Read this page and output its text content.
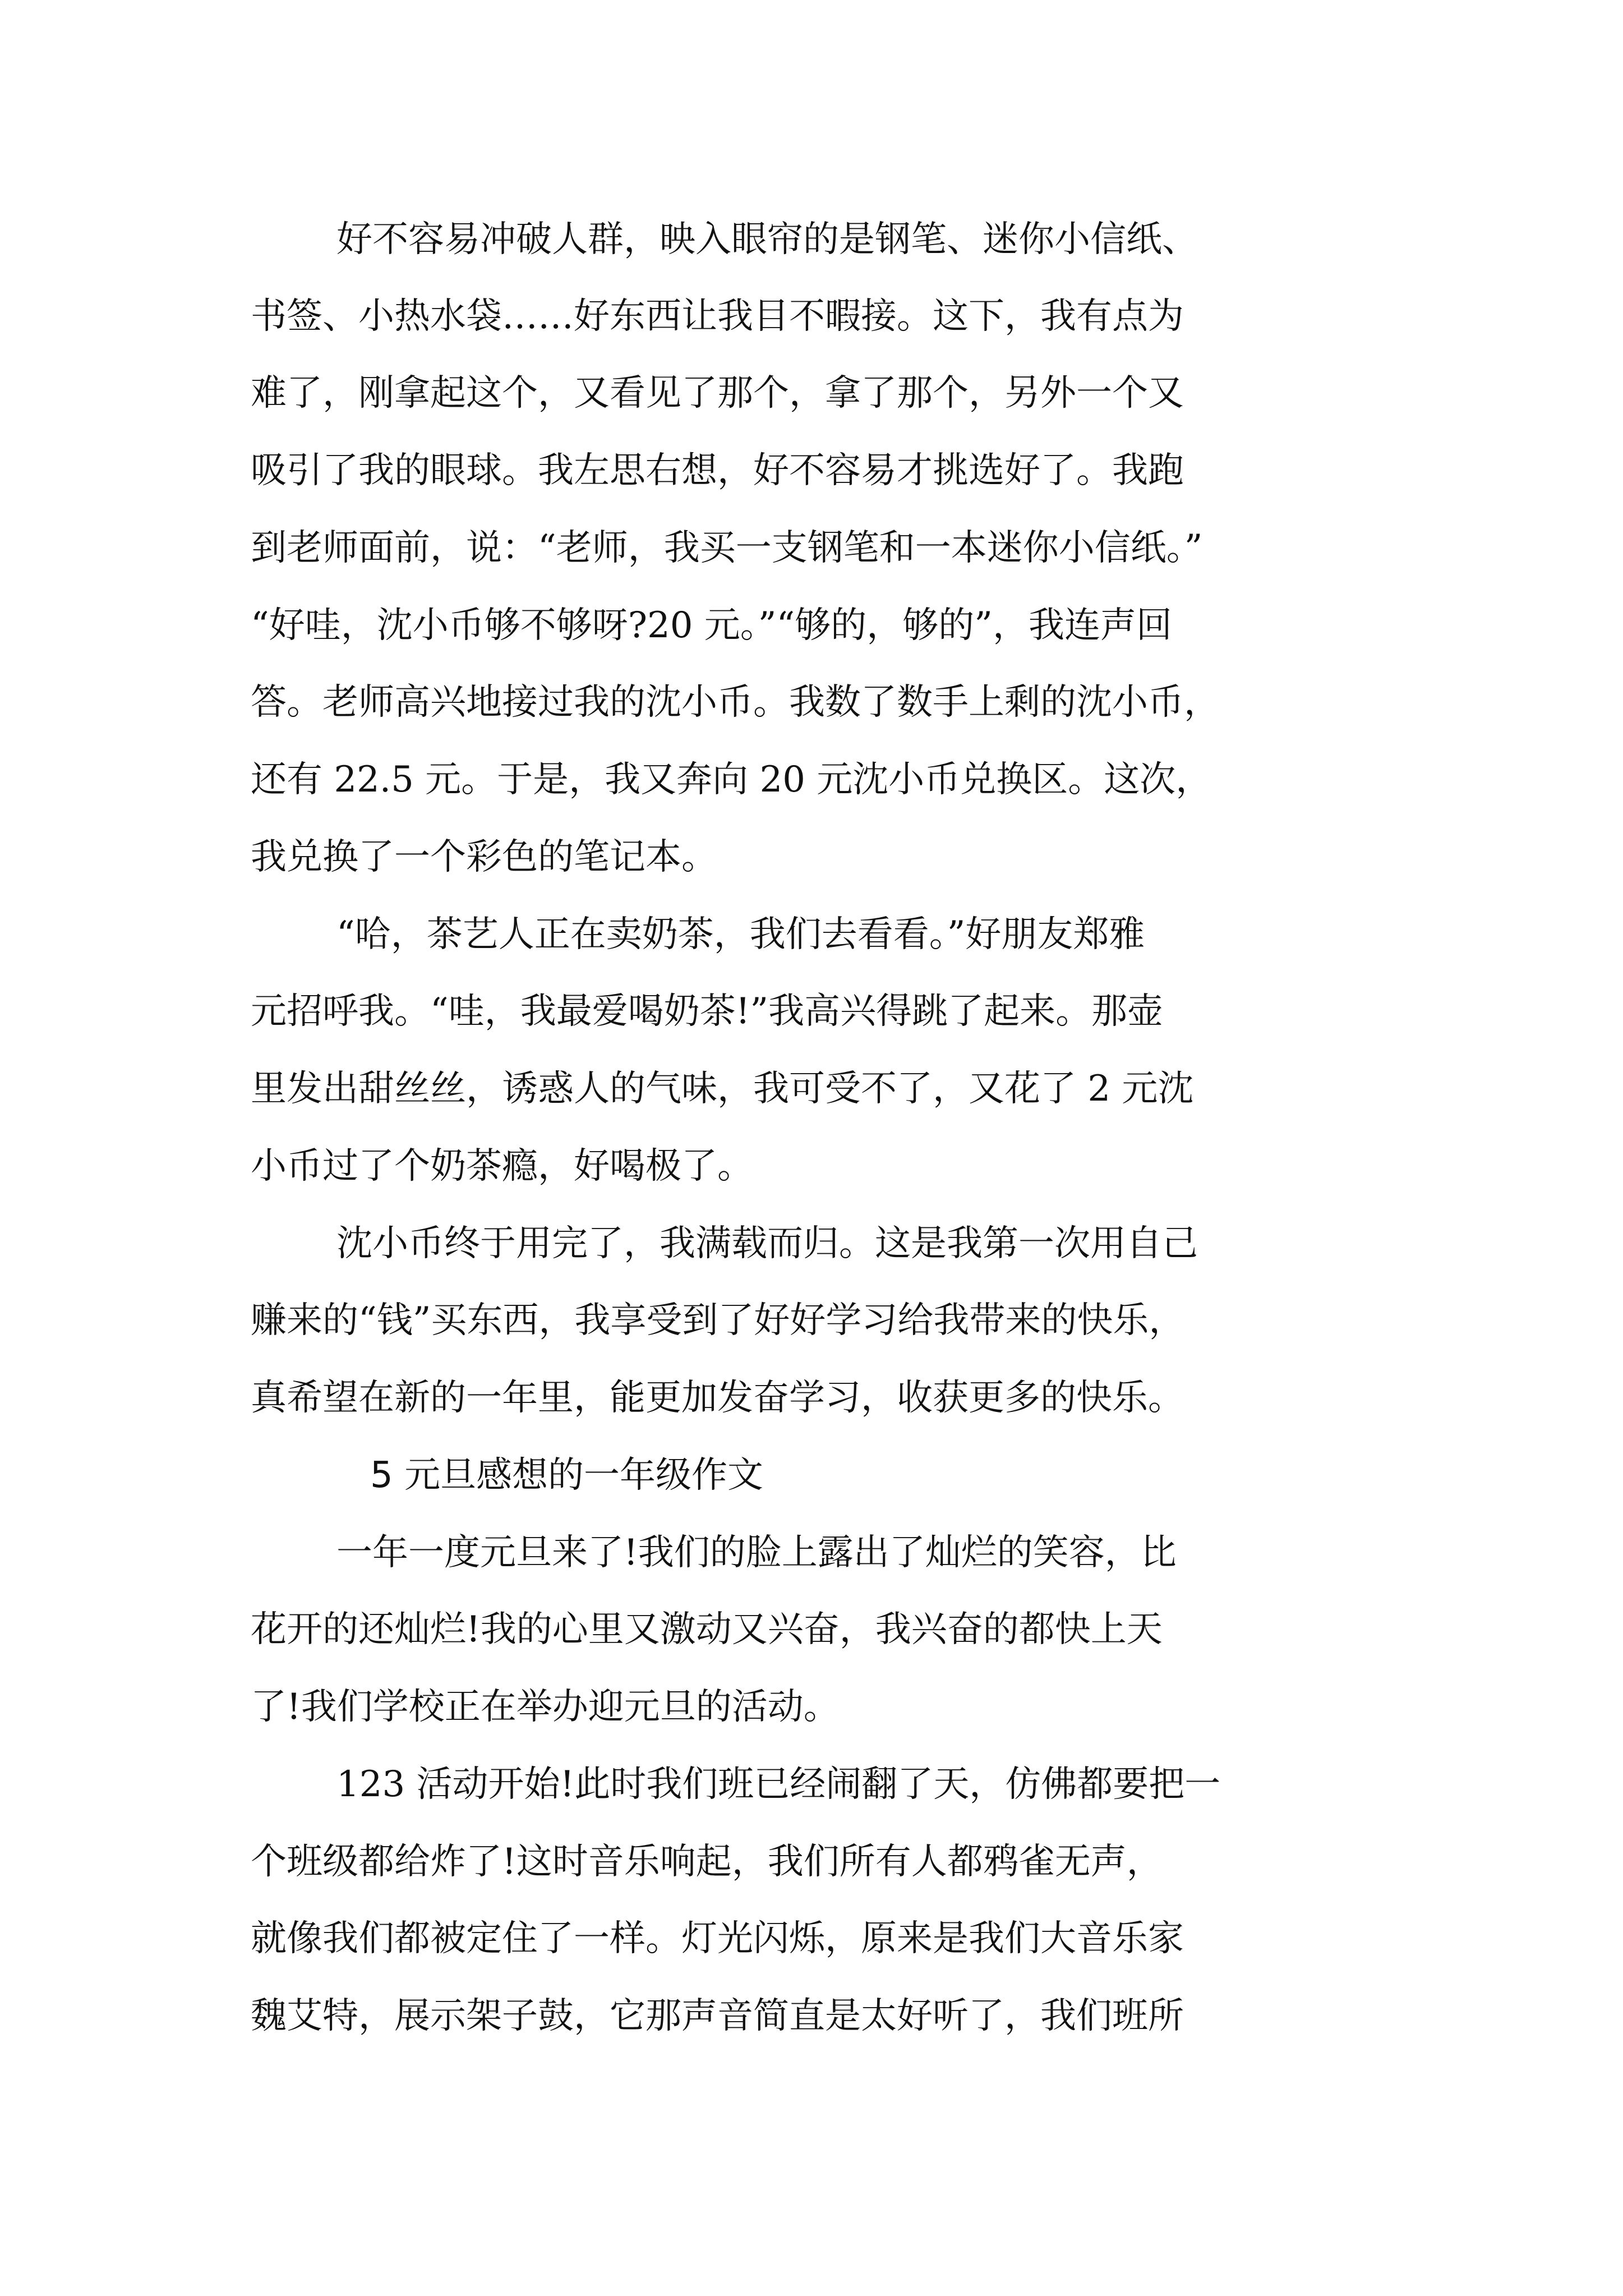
好不容易冲破人群，映入眼帘的是钢笔、迷你小信纸、
书签、小热水袋……好东西让我目不暇接。这下，我有点为
难了，刚拿起这个，又看见了那个，拿了那个，另外一个又
吸引了我的眼球。我左思右想，好不容易才挑选好了。我跑
到老师面前，说：“老师，我买一支钢笔和一本迷你小信纸。”
“好哇，沈小币够不够呀?20 元。”“够的，够的”，我连声回
答。老师高兴地接过我的沈小币。我数了数手上剩的沈小币，
还有 22.5 元。于是，我又奔向 20 元沈小币兑换区。这次，
我兑换了一个彩色的笔记本。
“哈，茶艺人正在卖奶茶，我们去看看。”好朋友郑雅
元招呼我。“哇，我最爱喝奶茶!”我高兴得跳了起来。那壶
里发出甜丝丝，诱惑人的气味，我可受不了，又花了 2 元沈
小币过了个奶茶瘾，好喝极了。
沈小币终于用完了，我满载而归。这是我第一次用自己
赚来的“钱”买东西，我享受到了好好学习给我带来的快乐，
真希望在新的一年里，能更加发奋学习，收获更多的快乐。
5 元旦感想的一年级作文
一年一度元旦来了!我们的脸上露出了灿烂的笑容，比
花开的还灿烂!我的心里又激动又兴奋，我兴奋的都快上天
了!我们学校正在举办迎元旦的活动。
123 活动开始!此时我们班已经闹翻了天，仿佛都要把一
个班级都给炸了!这时音乐响起，我们所有人都鸦雀无声，
就像我们都被定住了一样。灯光闪烁，原来是我们大音乐家
魏艾特，展示架子鼓，它那声音简直是太好听了，我们班所
